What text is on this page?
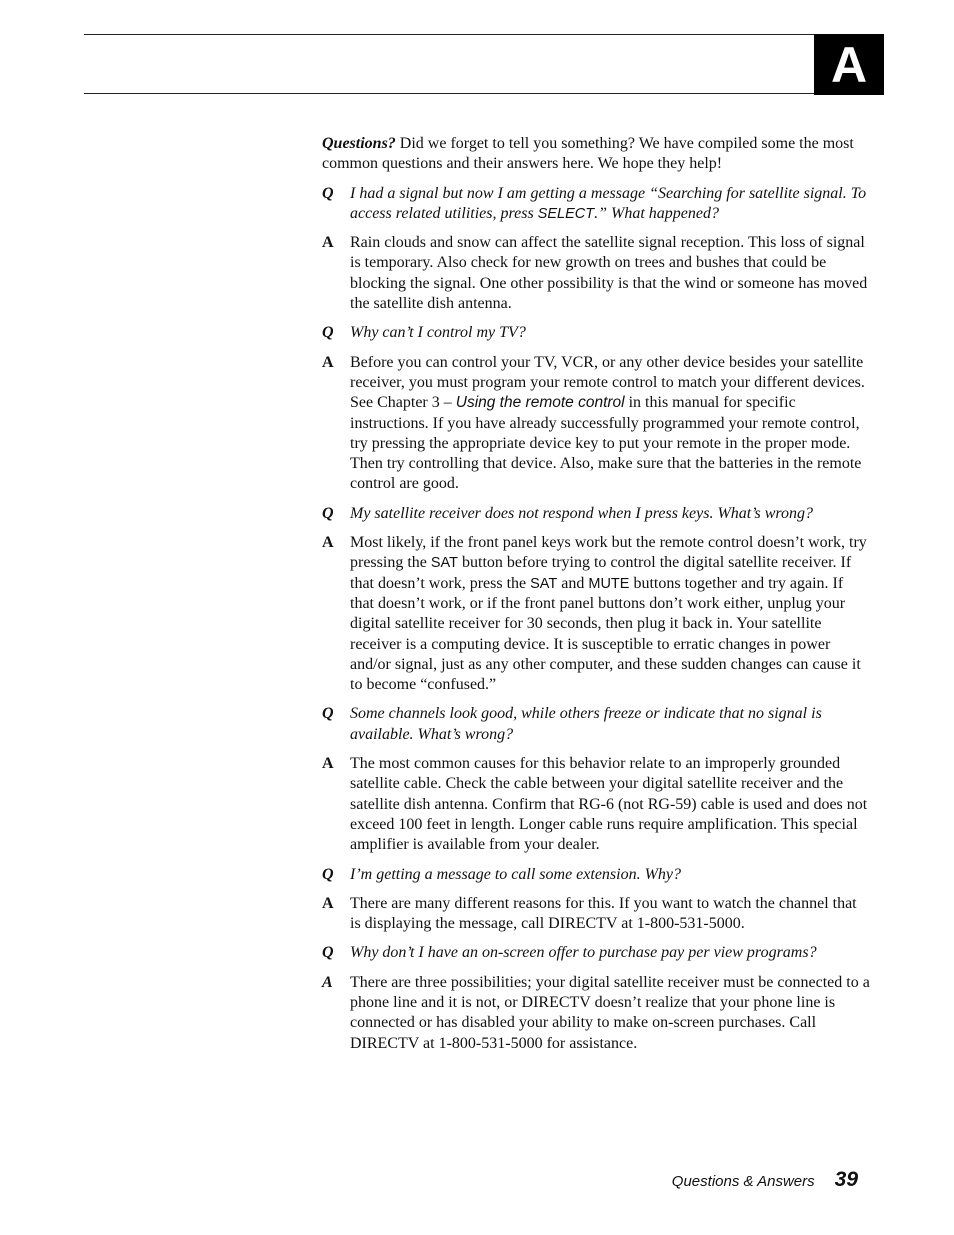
A

Questions? Did we forget to tell you something? We have compiled some the most common questions and their answers here. We hope they help!

Q	I had a signal but now I am getting a message “Searching for satellite signal. To access related utilities, press SELECT.” What happened?
A	Rain clouds and snow can affect the satellite signal reception. This loss of signal is temporary. Also check for new growth on trees and bushes that could be blocking the signal. One other possibility is that the wind or someone has moved the satellite dish antenna.
Q	Why can’t I control my TV?
A	Before you can control your TV, VCR, or any other device besides your satellite receiver, you must program your remote control to match your different devices. See Chapter 3 – Using the remote control in this manual for specific instructions. If you have already successfully programmed your remote control, try pressing the appropriate device key to put your remote in the proper mode. Then try controlling that device. Also, make sure that the batteries in the remote control are good.
Q	My satellite receiver does not respond when I press keys. What’s wrong?
A	Most likely, if the front panel keys work but the remote control doesn’t work, try pressing the SAT button before trying to control the digital satellite receiver. If that doesn’t work, press the SAT and MUTE buttons together and try again. If that doesn’t work, or if the front panel buttons don’t work either, unplug your digital satellite receiver for 30 seconds, then plug it back in. Your satellite receiver is a computing device. It is susceptible to erratic changes in power and/or signal, just as any other computer, and these sudden changes can cause it to become “confused.”
Q	Some channels look good, while others freeze or indicate that no signal is available. What’s wrong?
A	The most common causes for this behavior relate to an improperly grounded satellite cable. Check the cable between your digital satellite receiver and the satellite dish antenna. Confirm that RG-6 (not RG-59) cable is used and does not exceed 100 feet in length. Longer cable runs require amplification. This special amplifier is available from your dealer.
Q	I’m getting a message to call some extension. Why?
A	There are many different reasons for this. If you want to watch the channel that is displaying the message, call DIRECTV at 1-800-531-5000.
Q	Why don’t I have an on-screen offer to purchase pay per view programs?
A	There are three possibilities; your digital satellite receiver must be connected to a phone line and it is not, or DIRECTV doesn’t realize that your phone line is connected or has disabled your ability to make on-screen purchases. Call DIRECTV at 1-800-531-5000 for assistance.
Questions & Answers 39
